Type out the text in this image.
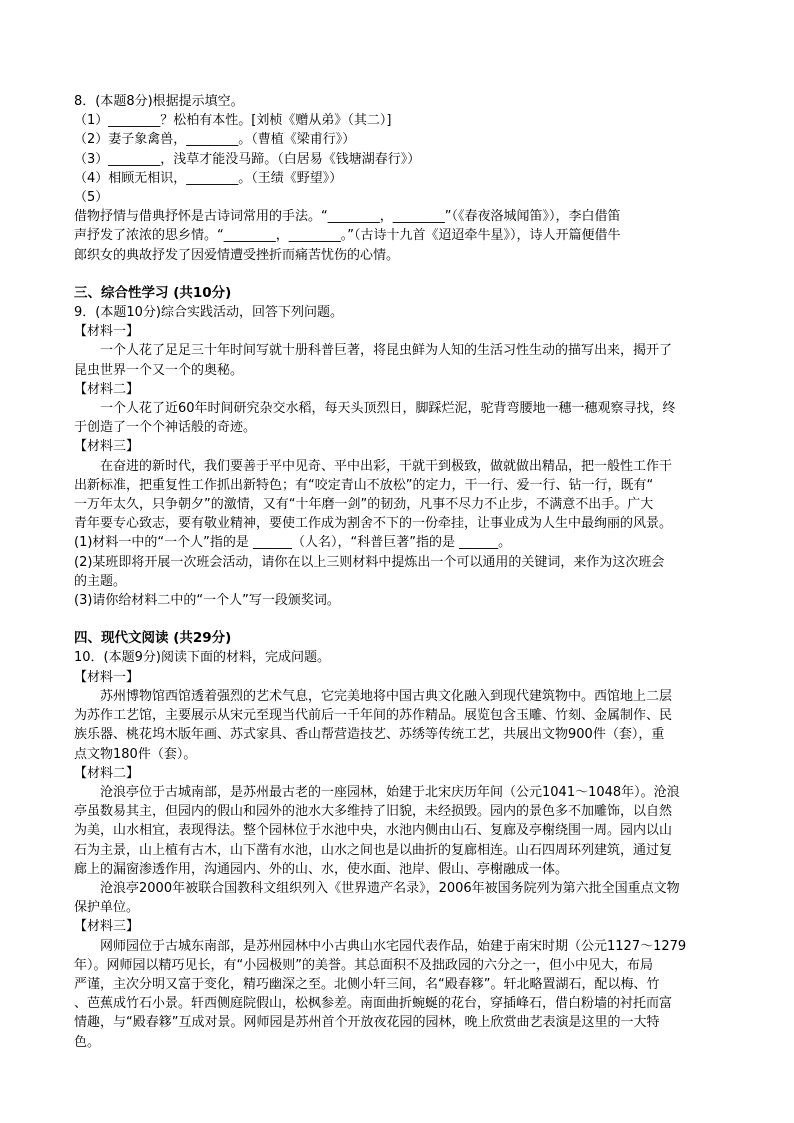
8．(本题8分)根据提示填空。

（1）________？松柏有本性。[刘桢《赠从弟》（其二）]

（2）妻子象禽兽，________。（曹植《梁甫行》）

（3）________，浅草才能没马蹄。（白居易《钱塘湖春行》）

（4）相顾无相识，________。（王绩《野望》）

（5）

借物抒情与借典抒怀是古诗词常用的手法。“________，________”（《春夜洛城闻笛》），李白借笛

声抒发了浓浓的思乡情。“________，________。”（古诗十九首《迢迢牵牛星》），诗人开篇便借牛

郎织女的典故抒发了因爱情遭受挫折而痛苦忧伤的心情。

三、综合性学习 (共10分)

9．(本题10分)综合实践活动，回答下列问题。

【材料一】

一个人花了足足三十年时间写就十册科普巨著，将昆虫鲜为人知的生活习性生动的描写出来，揭开了

昆虫世界一个又一个的奥秘。

【材料二】

一个人花了近60年时间研究杂交水稻，每天头顶烈日，脚踩烂泥，驼背弯腰地一穗一穗观察寻找，终

于创造了一个个神话般的奇迹。

【材料三】

在奋进的新时代，我们要善于平中见奇、平中出彩，干就干到极致，做就做出精品，把一般性工作干

出新标准，把重复性工作抓出新特色；有“咬定青山不放松”的定力，干一行、爱一行、钻一行，既有“

一万年太久，只争朝夕”的激情，又有“十年磨一剑”的韧劲，凡事不尽力不止步，不满意不出手。广大

青年要专心致志，要有敬业精神，要使工作成为割舍不下的一份牵挂，让事业成为人生中最绚丽的风景。

(1)材料一中的“一个人”指的是 ______（人名），“科普巨著”指的是 ______。

(2)某班即将开展一次班会活动，请你在以上三则材料中提炼出一个可以通用的关键词，来作为这次班会

的主题。

(3)请你给材料二中的“一个人”写一段颁奖词。

四、现代文阅读 (共29分)

10．(本题9分)阅读下面的材料，完成问题。

【材料一】

苏州博物馆西馆透着强烈的艺术气息，它完美地将中国古典文化融入到现代建筑物中。西馆地上二层

为苏作工艺馆，主要展示从宋元至现当代前后一千年间的苏作精品。展览包含玉雕、竹刻、金属制作、民

族乐器、桃花坞木版年画、苏式家具、香山帮营造技艺、苏绣等传统工艺，共展出文物900件（套），重

点文物180件（套）。

【材料二】

沧浪亭位于古城南部，是苏州最古老的一座园林，始建于北宋庆历年间（公元1041～1048年）。沧浪

亭虽数易其主，但园内的假山和园外的池水大多维持了旧貌，未经损毁。园内的景色多不加雕饰，以自然

为美，山水相宜，表现得法。整个园林位于水池中央，水池内侧由山石、复廊及亭榭绕围一周。园内以山

石为主景，山上植有古木，山下凿有水池，山水之间也是以曲折的复廊相连。山石四周环列建筑，通过复

廊上的漏窗渗透作用，沟通园内、外的山、水，使水面、池岸、假山、亭榭融成一体。

沧浪亭2000年被联合国教科文组织列入《世界遗产名录》，2006年被国务院列为第六批全国重点文物

保护单位。

【材料三】

网师园位于古城东南部，是苏州园林中小古典山水宅园代表作品，始建于南宋时期（公元1127～1279

年）。网师园以精巧见长，有“小园极则”的美誉。其总面积不及拙政园的六分之一，但小中见大，布局

严谨，主次分明又富于变化，精巧幽深之至。北侧小轩三间，名“殿春簃”。轩北略置湖石，配以梅、竹

、芭蕉成竹石小景。轩西侧庭院假山，松枫参差。南面曲折蜿蜒的花台，穿插峰石，借白粉墙的衬托而富

情趣，与“殿春簃”互成对景。网师园是苏州首个开放夜花园的园林，晚上欣赏曲艺表演是这里的一大特

色。
